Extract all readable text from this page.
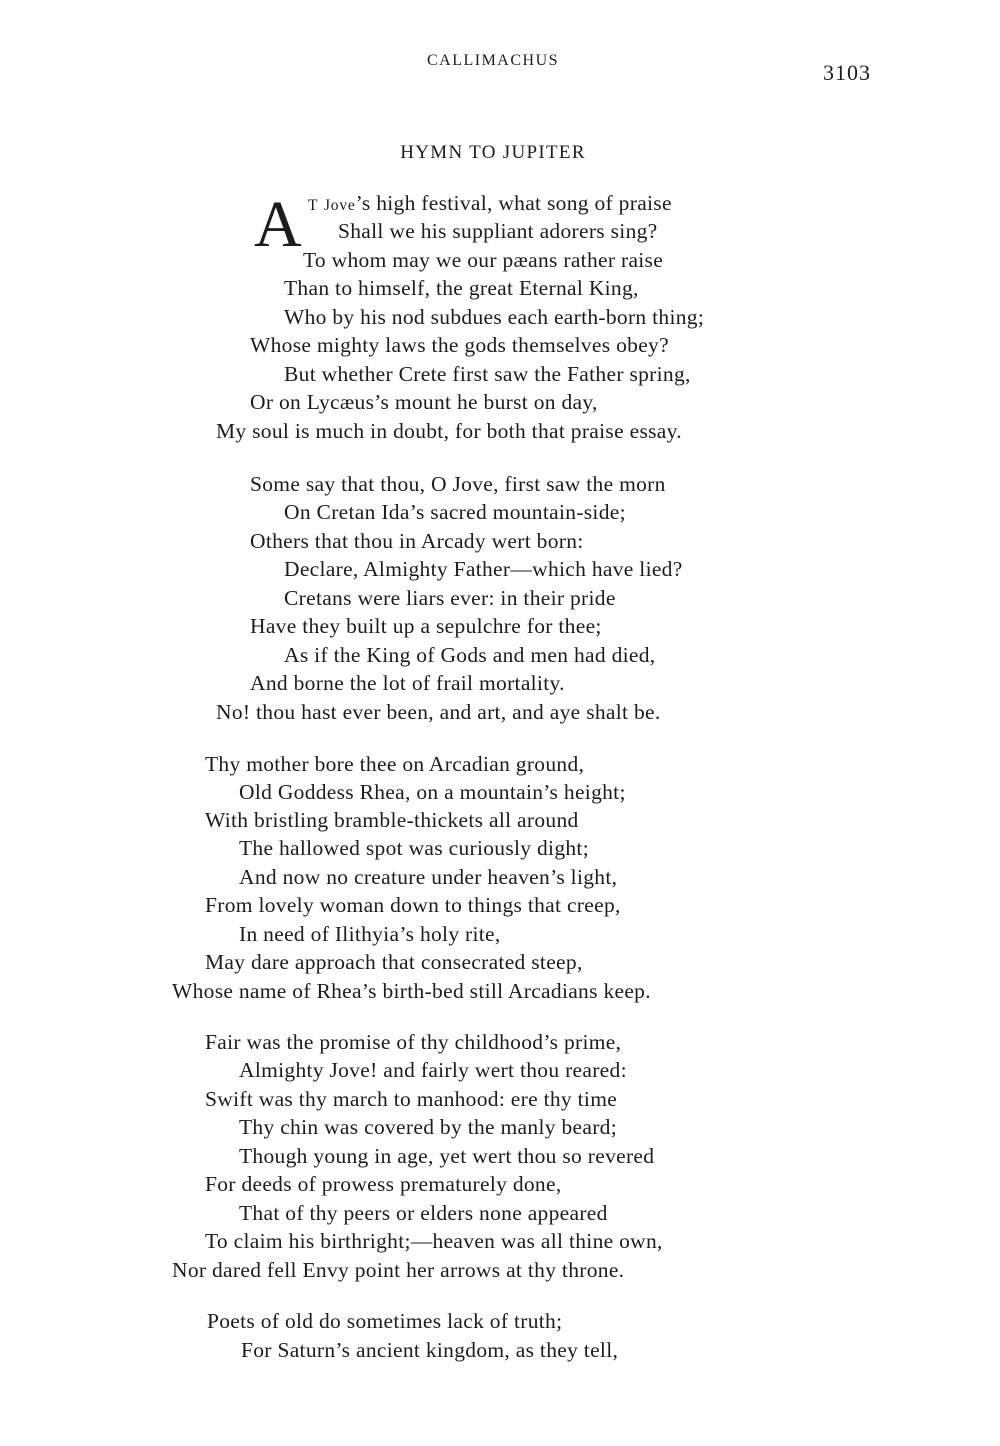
CALLIMACHUS	3103
HYMN TO JUPITER
A T Jove’s high festival, what song of praise
Shall we his suppliant adorers sing?
To whom may we our pæans rather raise
Than to himself, the great Eternal King,
Who by his nod subdues each earth-born thing;
Whose mighty laws the gods themselves obey?
But whether Crete first saw the Father spring,
Or on Lycæus’s mount he burst on day,
My soul is much in doubt, for both that praise essay.
Some say that thou, O Jove, first saw the morn
On Cretan Ida’s sacred mountain-side;
Others that thou in Arcady wert born:
Declare, Almighty Father—which have lied?
Cretans were liars ever: in their pride
Have they built up a sepulchre for thee;
As if the King of Gods and men had died,
And borne the lot of frail mortality.
No! thou hast ever been, and art, and aye shalt be.
Thy mother bore thee on Arcadian ground,
Old Goddess Rhea, on a mountain’s height;
With bristling bramble-thickets all around
The hallowed spot was curiously dight;
And now no creature under heaven’s light,
From lovely woman down to things that creep,
In need of Ilithyia’s holy rite,
May dare approach that consecrated steep,
Whose name of Rhea’s birth-bed still Arcadians keep.
Fair was the promise of thy childhood’s prime,
Almighty Jove! and fairly wert thou reared:
Swift was thy march to manhood: ere thy time
Thy chin was covered by the manly beard;
Though young in age, yet wert thou so revered
For deeds of prowess prematurely done,
That of thy peers or elders none appeared
To claim his birthright;—heaven was all thine own,
Nor dared fell Envy point her arrows at thy throne.
Poets of old do sometimes lack of truth;
For Saturn’s ancient kingdom, as they tell,
